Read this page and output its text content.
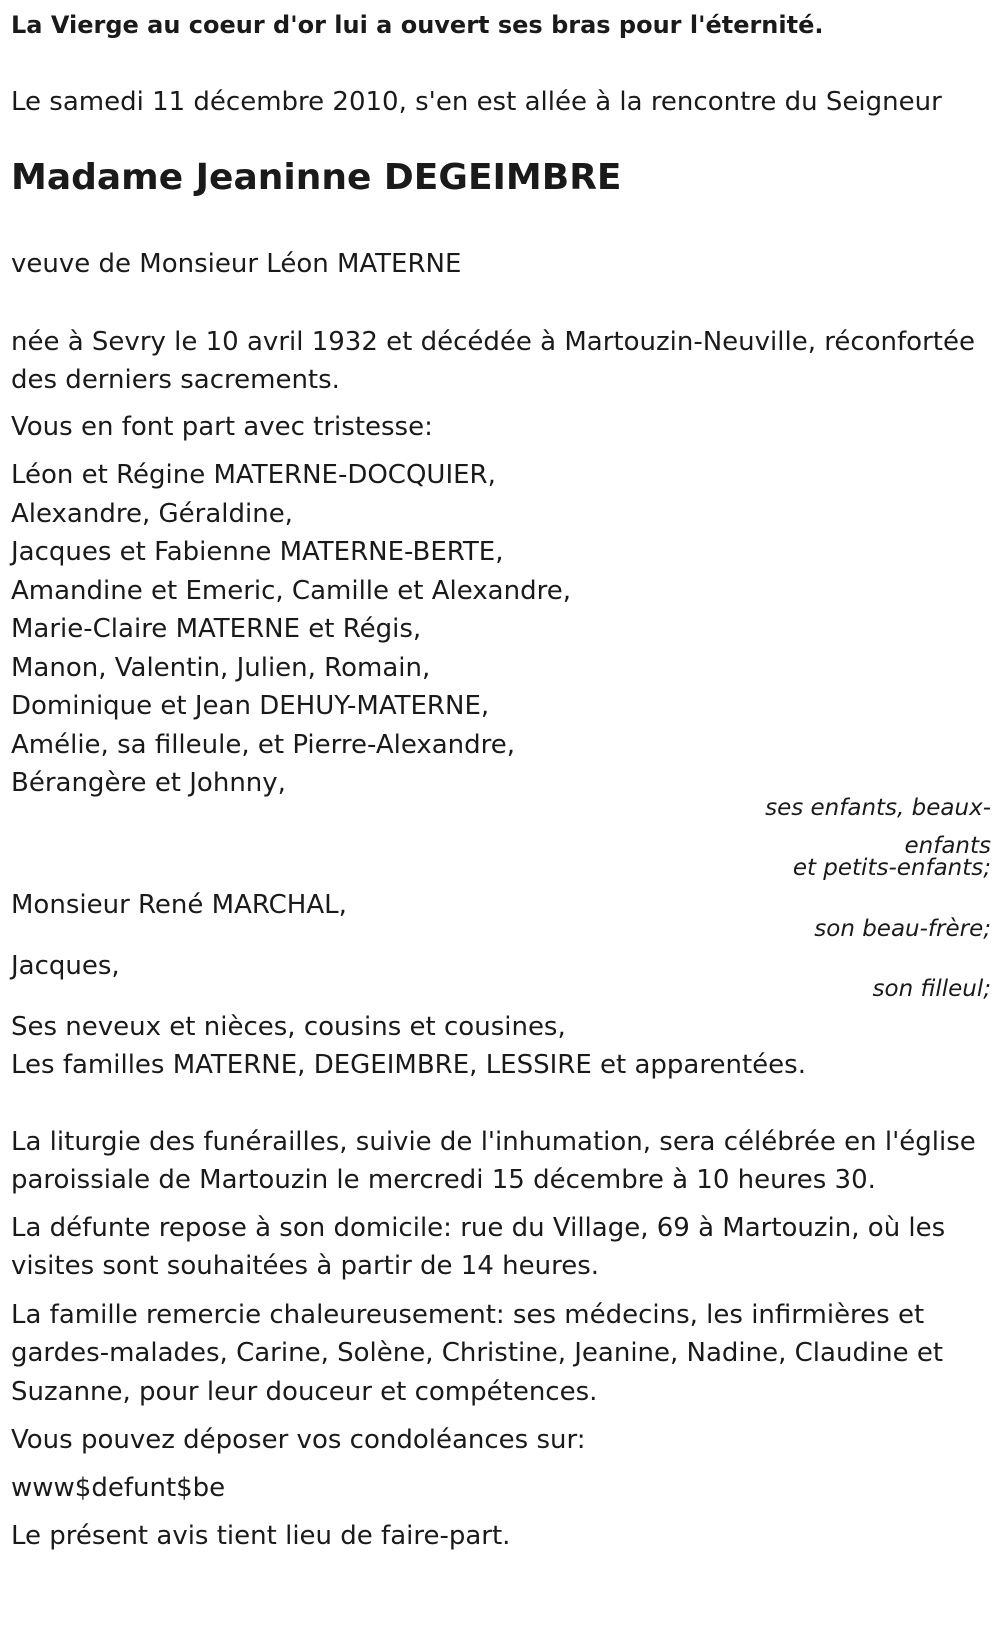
La Vierge au coeur d'or lui a ouvert ses bras pour l'éternité.
Le samedi 11 décembre 2010, s'en est allée à la rencontre du Seigneur
Madame Jeaninne DEGEIMBRE
veuve de Monsieur Léon MATERNE
née à Sevry le 10 avril 1932 et décédée à Martouzin-Neuville, réconfortée
des derniers sacrements.
Vous en font part avec tristesse:
Léon et Régine MATERNE-DOCQUIER,
Alexandre, Géraldine,
Jacques et Fabienne MATERNE-BERTE,
Amandine et Emeric, Camille et Alexandre,
Marie-Claire MATERNE et Régis,
Manon, Valentin, Julien, Romain,
Dominique et Jean DEHUY-MATERNE,
Amélie, sa filleule, et Pierre-Alexandre,
Bérangère et Johnny,
ses enfants, beaux-
enfants
et petits-enfants;
Monsieur René MARCHAL,
son beau-frère;
Jacques,
son filleul;
Ses neveux et nièces, cousins et cousines,
Les familles MATERNE, DEGEIMBRE, LESSIRE et apparentées.
La liturgie des funérailles, suivie de l'inhumation, sera célébrée en l'église
paroissiale de Martouzin le mercredi 15 décembre à 10 heures 30.
La défunte repose à son domicile: rue du Village, 69 à Martouzin, où les
visites sont souhaitées à partir de 14 heures.
La famille remercie chaleureusement: ses médecins, les infirmières et
gardes-malades, Carine, Solène, Christine, Jeanine, Nadine, Claudine et
Suzanne, pour leur douceur et compétences.
Vous pouvez déposer vos condoléances sur:
www$defunt$be
Le présent avis tient lieu de faire-part.
